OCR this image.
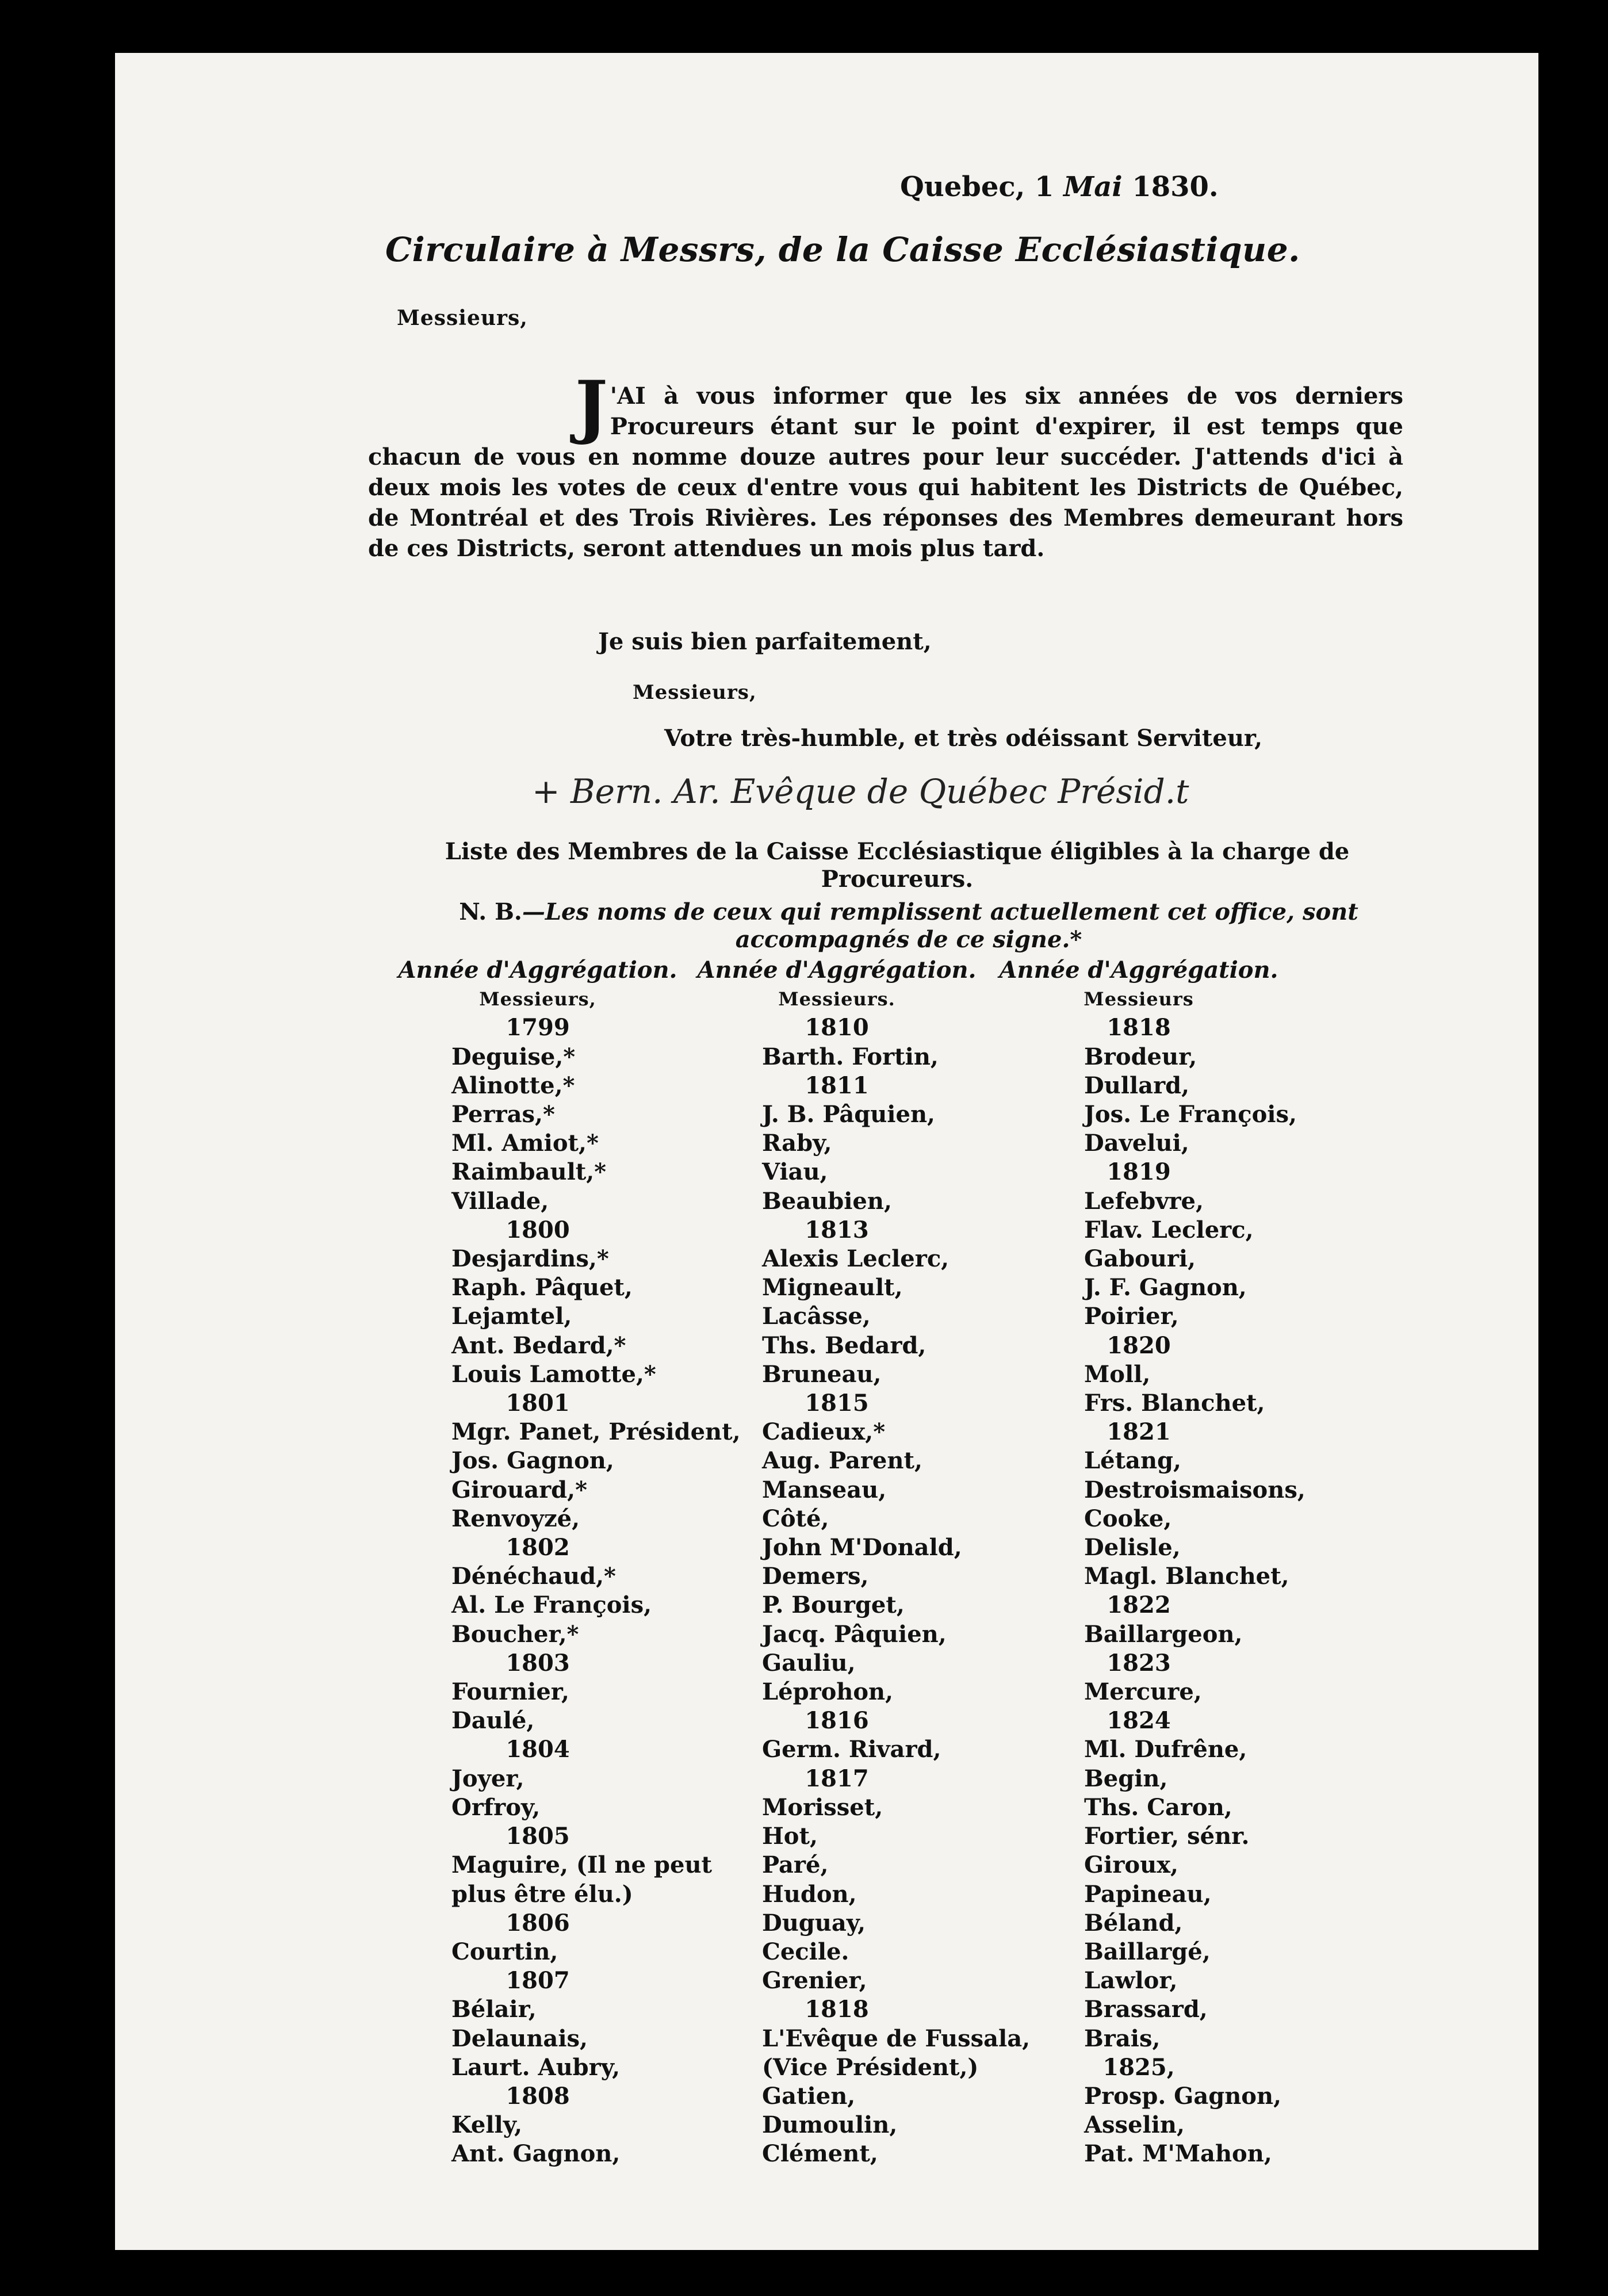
Quebec, 1 Mai 1830.
Circulaire à Messrs, de la Caisse Ecclésiastique.
Messieurs,
J 'AI à vous informer que les six années de vos derniers Procureurs étant sur le point d'expirer, il est temps que chacun de vous en nomme douze autres pour leur succéder. J'attends d'ici à deux mois les votes de ceux d'entre vous qui habitent les Districts de Québec, de Montréal et des Trois Rivières. Les réponses des Membres demeurant hors de ces Districts, seront attendues un mois plus tard.
Je suis bien parfaitement,
Messieurs,
Votre très-humble, et très odéissant Serviteur,
+ Bern. Ar. Evêque de Québec Présid.t
Liste des Membres de la Caisse Ecclésiastique éligibles à la charge de Procureurs.
N. B.—Les noms de ceux qui remplissent actuellement cet office, sont accompagnés de ce signe.*
Année d'Aggrégation.
Messieurs,
1799
Deguise,*
Alinotte,*
Perras,*
Ml. Amiot,*
Raimbault,*
Villade,
1800
Desjardins,*
Raph. Pâquet,
Lejamtel,
Ant. Bedard,*
Louis Lamotte,*
1801
Mgr. Panet, Président,
Jos. Gagnon,
Girouard,*
Renvoyzé,
1802
Dénéchaud,*
Al. Le François,
Boucher,*
1803
Fournier,
Daulé,
1804
Joyer,
Orfroy,
1805
Maguire, (Il ne peut
plus être élu.)
1806
Courtin,
1807
Bélair,
Delaunais,
Laurt. Aubry,
1808
Kelly,
Ant. Gagnon,
Année d'Aggrégation.
Messieurs.
1810
Barth. Fortin,
1811
J. B. Pâquien,
Raby,
Viau,
Beaubien,
1813
Alexis Leclerc,
Migneault,
Lacâsse,
Ths. Bedard,
Bruneau,
1815
Cadieux,*
Aug. Parent,
Manseau,
Côté,
John M'Donald,
Demers,
P. Bourget,
Jacq. Pâquien,
Gauliu,
Léprohon,
1816
Germ. Rivard,
1817
Morisset,
Hot,
Paré,
Hudon,
Duguay,
Cecile.
Grenier,
1818
L'Evêque de Fussala,
(Vice Président,)
Gatien,
Dumoulin,
Clément,
Année d'Aggrégation.
Messieurs
1818
Brodeur,
Dullard,
Jos. Le François,
Davelui,
1819
Lefebvre,
Flav. Leclerc,
Gabouri,
J. F. Gagnon,
Poirier,
1820
Moll,
Frs. Blanchet,
1821
Létang,
Destroismaisons,
Cooke,
Delisle,
Magl. Blanchet,
1822
Baillargeon,
1823
Mercure,
1824
Ml. Dufrêne,
Begin,
Ths. Caron,
Fortier, sénr.
Giroux,
Papineau,
Béland,
Baillargé,
Lawlor,
Brassard,
Brais,
1825,
Prosp. Gagnon,
Asselin,
Pat. M'Mahon,
